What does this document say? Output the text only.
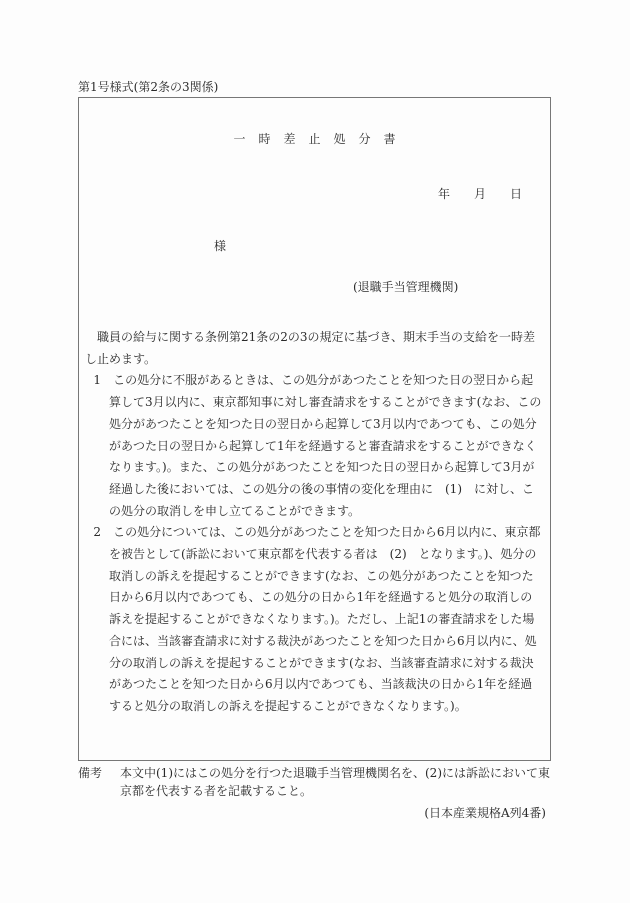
第1号様式(第2条の3関係)
一時差止処分書
年　　月　　日
様
(退職手当管理機関)

職員の給与に関する条例第21条の2の3の規定に基づき、期末手当の支給を一時差し止めます。

1　 この処分に不服があるときは、この処分があつたことを知つた日の翌日から起算して3月以内に、東京都知事に対し審査請求をすることができます(なお、この処分があつたことを知つた日の翌日から起算して3月以内であつても、この処分があつた日の翌日から起算して1年を経過すると審査請求をすることができなくなります。)。また、この処分があつたことを知つた日の翌日から起算して3月が経過した後においては、この処分の後の事情の変化を理由に　(1)　に対し、この処分の取消しを申し立てることができます。

2　 この処分については、この処分があつたことを知つた日から6月以内に、東京都を被告として(訴訟において東京都を代表する者は　(2)　となります。)、処分の取消しの訴えを提起することができます(なお、この処分があつたことを知つた日から6月以内であつても、この処分の日から1年を経過すると処分の取消しの訴えを提起することができなくなります。)。ただし、上記1の審査請求をした場合には、当該審査請求に対する裁決があつたことを知つた日から6月以内に、処分の取消しの訴えを提起することができます(なお、当該審査請求に対する裁決があつたことを知つた日から6月以内であつても、当該裁決の日から1年を経過すると処分の取消しの訴えを提起することができなくなります。)。

備考 本文中(1)にはこの処分を行つた退職手当管理機関名を、(2)には訴訟において東京都を代表する者を記載すること。
(日本産業規格A列4番)
